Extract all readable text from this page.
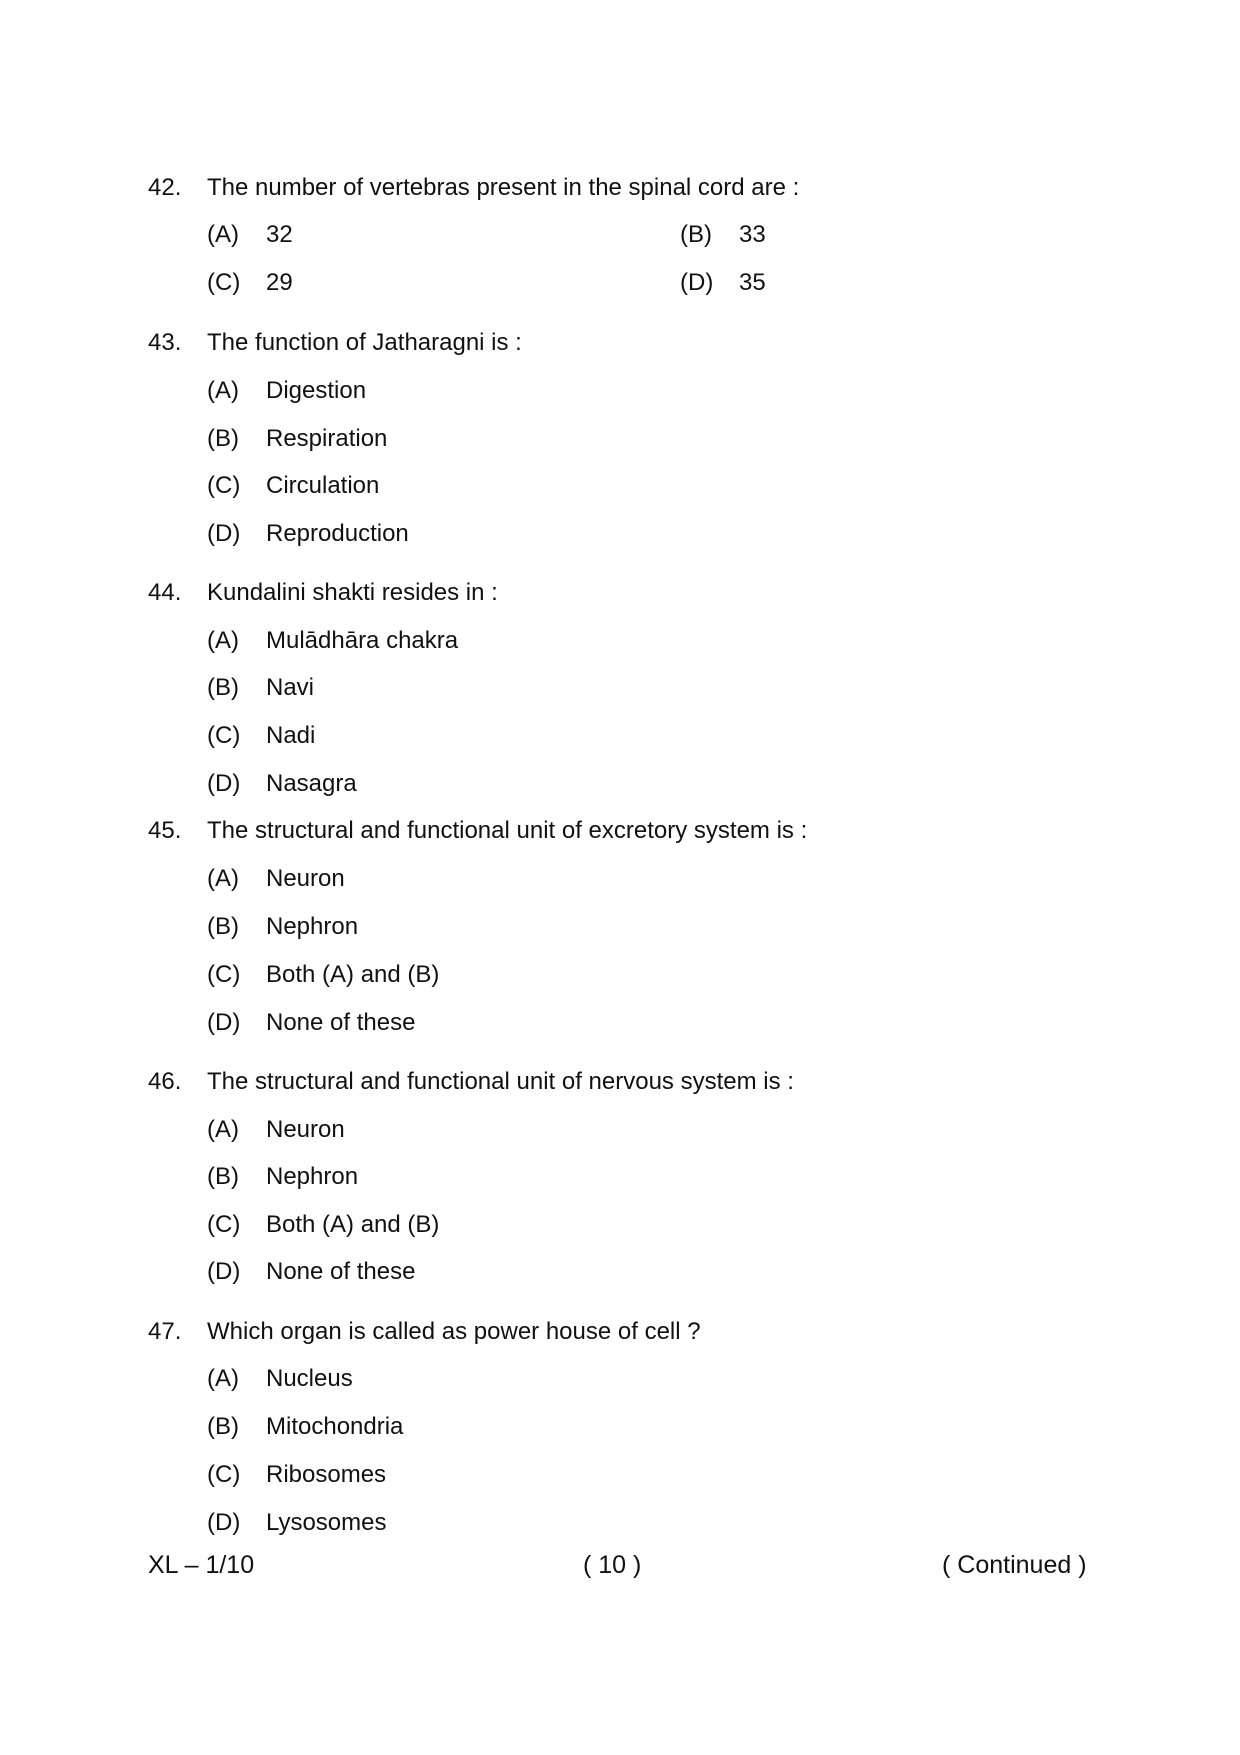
42. The number of vertebras present in the spinal cord are :
(A) 32	(B) 33
(C) 29	(D) 35
43. The function of Jatharagni is :
(A) Digestion
(B) Respiration
(C) Circulation
(D) Reproduction
44. Kundalini shakti resides in :
(A) Mulādhāra chakra
(B) Navi
(C) Nadi
(D) Nasagra
45. The structural and functional unit of excretory system is :
(A) Neuron
(B) Nephron
(C) Both (A) and (B)
(D) None of these
46. The structural and functional unit of nervous system is :
(A) Neuron
(B) Nephron
(C) Both (A) and (B)
(D) None of these
47. Which organ is called as power house of cell ?
(A) Nucleus
(B) Mitochondria
(C) Ribosomes
(D) Lysosomes
XL – 1/10	( 10 )	( Continued )
